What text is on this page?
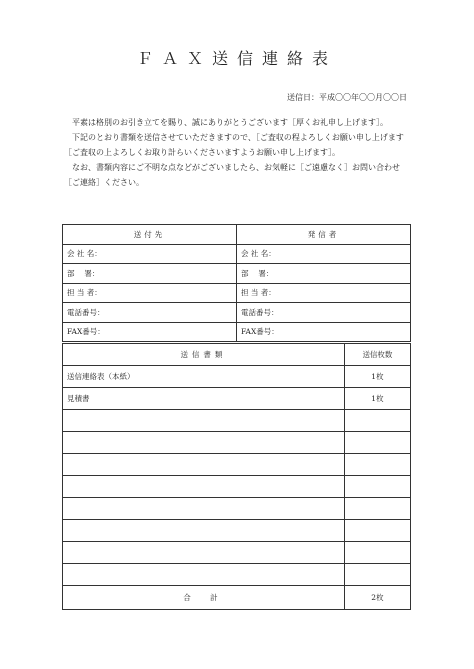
ＦＡＸ送信連絡表
送信日：平成〇〇年〇〇月〇〇日

平素は格別のお引き立てを賜り、誠にありがとうございます［厚くお礼申し上げます］。

下記のとおり書類を送信させていただきますので、［ご査収の程よろしくお願い申し上げます［ご査収の上よろしくお取り計らいくださいますようお願い申し上げます］。

なお、書類内容にご不明な点などがございましたら、お気軽に［ご遠慮なく］お問い合わせ［ご連絡］ください。

送付先	発信者
会 社 名：	会 社 名：
部　 署：	部　 署：
担 当 者：	担 当 者：
電話番号：	電話番号：
FAX番号：	FAX番号：
送信書類	送信枚数
送信連絡表（本紙）	1枚
見積書	1枚

合　計	2枚
